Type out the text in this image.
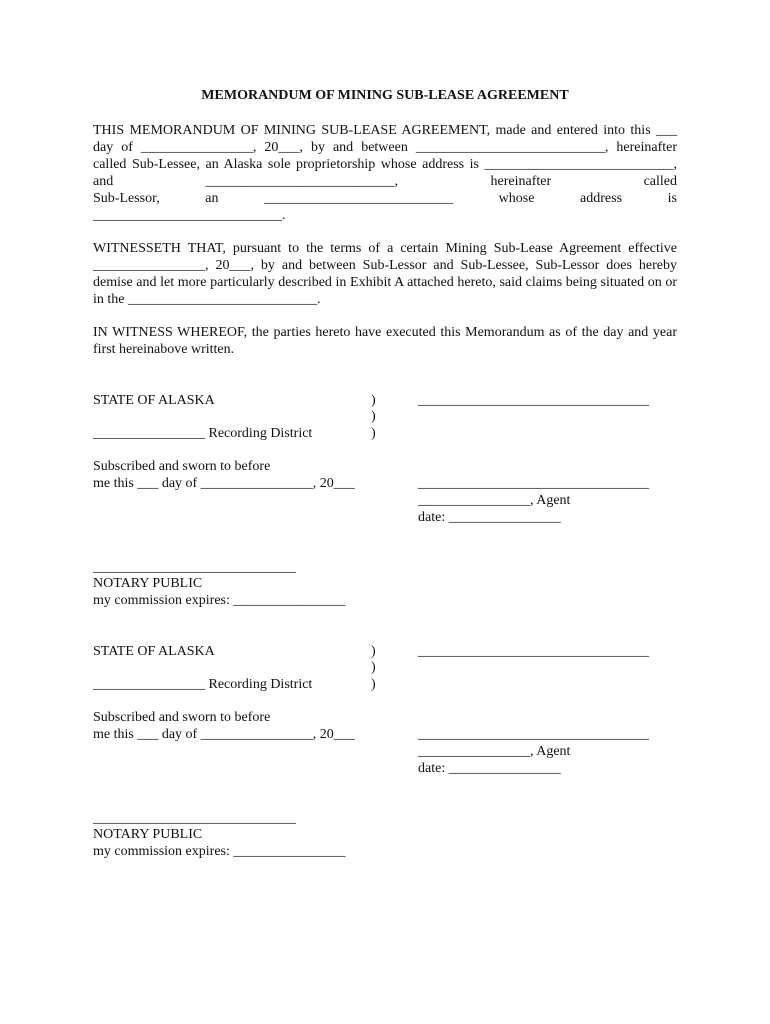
MEMORANDUM OF MINING SUB-LEASE AGREEMENT

THIS MEMORANDUM OF MINING SUB-LEASE AGREEMENT, made and entered into this ___ day of ________________, 20___, by and between ___________________________, hereinafter called Sub-Lessee, an Alaska sole proprietorship whose address is ___________________________, and ___________________________, hereinafter called

Sub-Lessor,	an	___________________________	whose	address	is
___________________________.

WITNESSETH THAT, pursuant to the terms of a certain Mining Sub-Lease Agreement effective ________________, 20___, by and between Sub-Lessor and Sub-Lessee, Sub-Lessor does hereby demise and let more particularly described in Exhibit A attached hereto, said claims being situated on or in the ___________________________.

IN WITNESS WHEREOF, the parties hereto have executed this Memorandum as of the day and year first hereinabove written.

STATE OF ALASKA	)
)
)
_________________________________
________________ Recording District
Subscribed and sworn to before
me this ___ day of ________________, 20___	_________________________________
________________, Agent
date: ________________
_____________________________
NOTARY PUBLIC
my commission expires: ________________
STATE OF ALASKA	)
)
)
_________________________________
________________ Recording District
Subscribed and sworn to before
me this ___ day of ________________, 20___	_________________________________
________________, Agent
date: ________________
_____________________________
NOTARY PUBLIC
my commission expires: ________________
